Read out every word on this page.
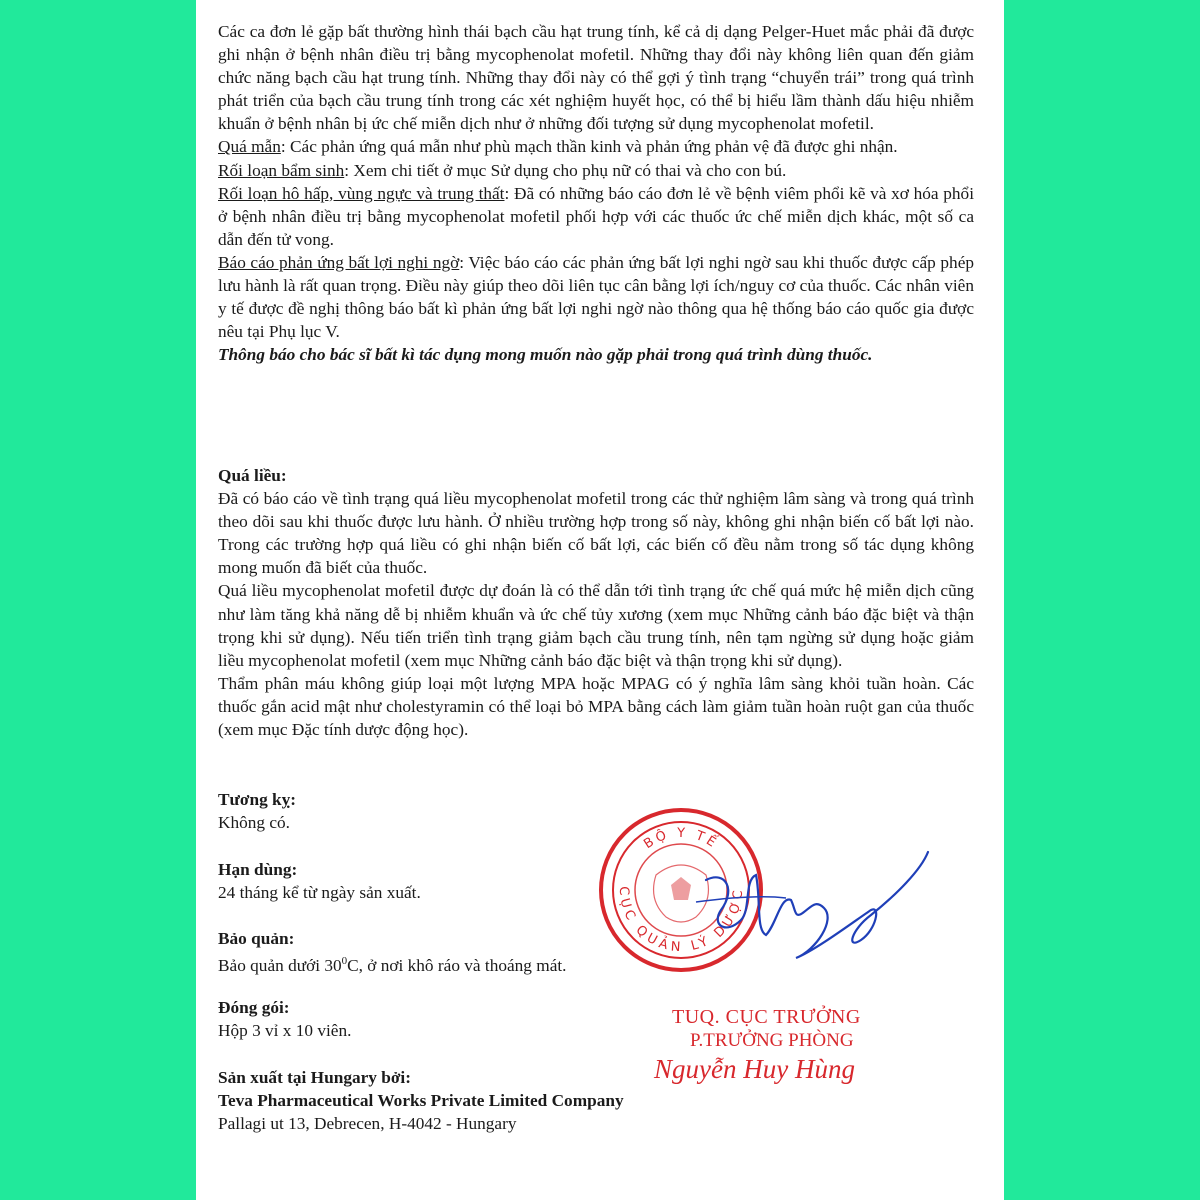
Các ca đơn lẻ gặp bất thường hình thái bạch cầu hạt trung tính, kể cả dị dạng Pelger-Huet mắc phải đã được ghi nhận ở bệnh nhân điều trị bằng mycophenolat mofetil. Những thay đổi này không liên quan đến giảm chức năng bạch cầu hạt trung tính. Những thay đổi này có thể gợi ý tình trạng “chuyển trái” trong quá trình phát triển của bạch cầu trung tính trong các xét nghiệm huyết học, có thể bị hiểu lầm thành dấu hiệu nhiễm khuẩn ở bệnh nhân bị ức chế miễn dịch như ở những đối tượng sử dụng mycophenolat mofetil.

Quá mẫn: Các phản ứng quá mẫn như phù mạch thần kinh và phản ứng phản vệ đã được ghi nhận.

Rối loạn bẩm sinh: Xem chi tiết ở mục Sử dụng cho phụ nữ có thai và cho con bú.

Rối loạn hô hấp, vùng ngực và trung thất: Đã có những báo cáo đơn lẻ về bệnh viêm phổi kẽ và xơ hóa phổi ở bệnh nhân điều trị bằng mycophenolat mofetil phối hợp với các thuốc ức chế miễn dịch khác, một số ca dẫn đến tử vong.

Báo cáo phản ứng bất lợi nghi ngờ: Việc báo cáo các phản ứng bất lợi nghi ngờ sau khi thuốc được cấp phép lưu hành là rất quan trọng. Điều này giúp theo dõi liên tục cân bằng lợi ích/nguy cơ của thuốc. Các nhân viên y tế được đề nghị thông báo bất kì phản ứng bất lợi nghi ngờ nào thông qua hệ thống báo cáo quốc gia được nêu tại Phụ lục V.

Thông báo cho bác sĩ bất kì tác dụng mong muốn nào gặp phải trong quá trình dùng thuốc.

Quá liều:

Đã có báo cáo về tình trạng quá liều mycophenolat mofetil trong các thử nghiệm lâm sàng và trong quá trình theo dõi sau khi thuốc được lưu hành. Ở nhiều trường hợp trong số này, không ghi nhận biến cố bất lợi nào. Trong các trường hợp quá liều có ghi nhận biến cố bất lợi, các biến cố đều nằm trong số tác dụng không mong muốn đã biết của thuốc.

Quá liều mycophenolat mofetil được dự đoán là có thể dẫn tới tình trạng ức chế quá mức hệ miễn dịch cũng như làm tăng khả năng dễ bị nhiễm khuẩn và ức chế tủy xương (xem mục Những cảnh báo đặc biệt và thận trọng khi sử dụng). Nếu tiến triển tình trạng giảm bạch cầu trung tính, nên tạm ngừng sử dụng hoặc giảm liều mycophenolat mofetil (xem mục Những cảnh báo đặc biệt và thận trọng khi sử dụng).

Thẩm phân máu không giúp loại một lượng MPA hoặc MPAG có ý nghĩa lâm sàng khỏi tuần hoàn. Các thuốc gắn acid mật như cholestyramin có thể loại bỏ MPA bằng cách làm giảm tuần hoàn ruột gan của thuốc (xem mục Đặc tính dược động học).

Tương kỵ:
Không có.
Hạn dùng:
24 tháng kể từ ngày sản xuất.
Bảo quản:
Bảo quản dưới $30^0C$, ở nơi khô ráo và thoáng mát.
Đóng gói:
Hộp 3 vỉ x 10 viên.
Sản xuất tại Hungary bởi:
Teva Pharmaceutical Works Private Limited Company
Pallagi ut 13, Debrecen, H-4042 - Hungary
BỘ Y TẾ
CỤC QUẢN LÝ DƯỢC
TUQ. CỤC TRƯỞNG
P.TRƯỞNG PHÒNG
Nguyễn Huy Hùng
